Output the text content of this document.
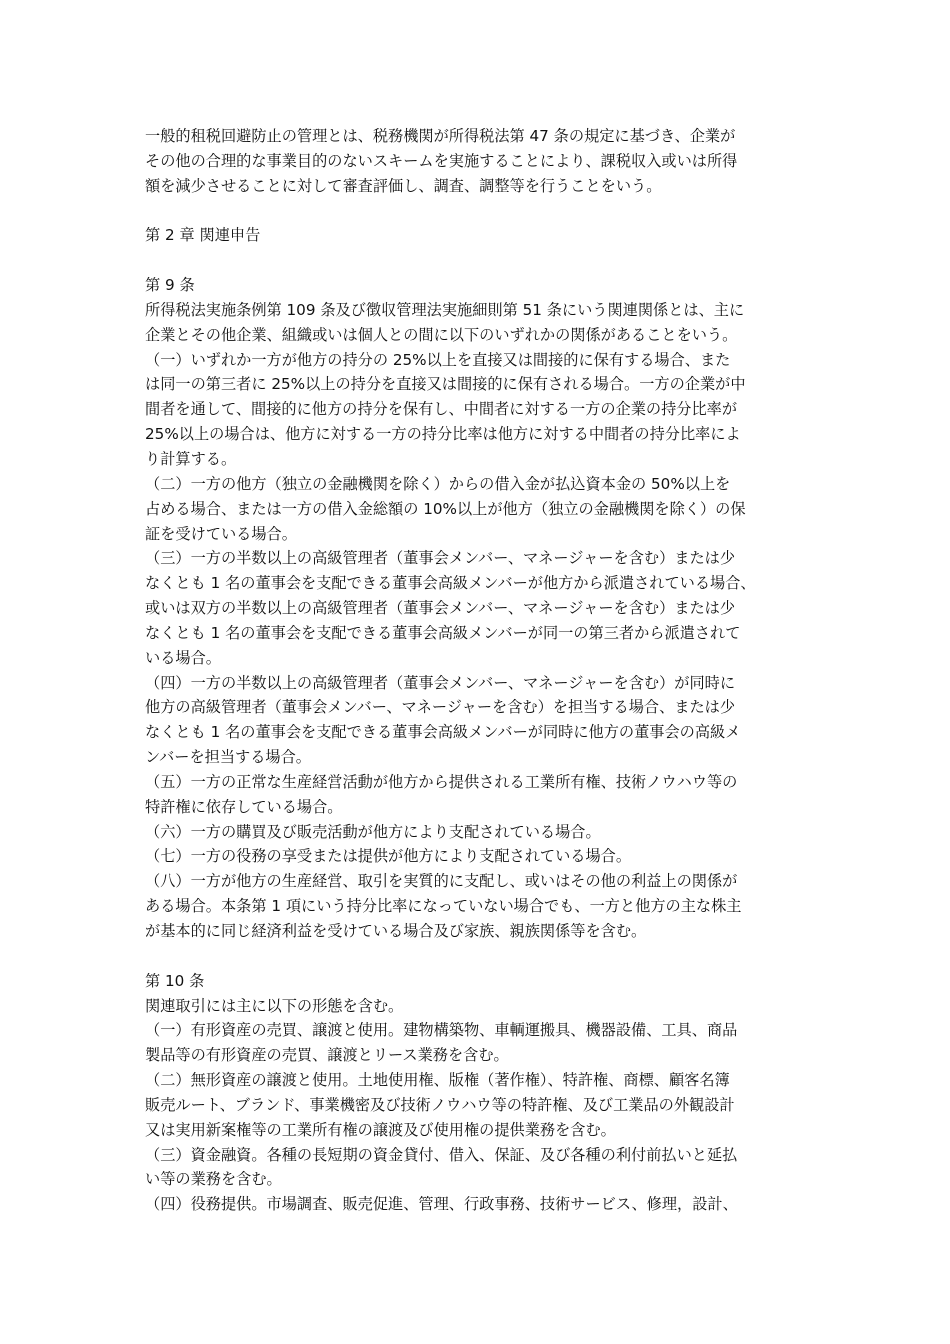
一般的租税回避防止の管理とは、税務機関が所得税法第 47 条の規定に基づき、企業が
その他の合理的な事業目的のないスキームを実施することにより、課税収入或いは所得
額を減少させることに対して審査評価し、調査、調整等を行うことをいう。

第 2 章 関連申告

第 9 条
所得税法実施条例第 109 条及び徴収管理法実施細則第 51 条にいう関連関係とは、主に
企業とその他企業、組織或いは個人との間に以下のいずれかの関係があることをいう。
（一）いずれか一方が他方の持分の 25%以上を直接又は間接的に保有する場合、また
は同一の第三者に 25%以上の持分を直接又は間接的に保有される場合。一方の企業が中
間者を通して、間接的に他方の持分を保有し、中間者に対する一方の企業の持分比率が
25%以上の場合は、他方に対する一方の持分比率は他方に対する中間者の持分比率によ
り計算する。
（二）一方の他方（独立の金融機関を除く）からの借入金が払込資本金の 50%以上を
占める場合、または一方の借入金総額の 10%以上が他方（独立の金融機関を除く）の保
証を受けている場合。
（三）一方の半数以上の高級管理者（董事会メンバー、マネージャーを含む）または少
なくとも 1 名の董事会を支配できる董事会高級メンバーが他方から派遣されている場合、
或いは双方の半数以上の高級管理者（董事会メンバー、マネージャーを含む）または少
なくとも 1 名の董事会を支配できる董事会高級メンバーが同一の第三者から派遣されて
いる場合。
（四）一方の半数以上の高級管理者（董事会メンバー、マネージャーを含む）が同時に
他方の高級管理者（董事会メンバー、マネージャーを含む）を担当する場合、または少
なくとも 1 名の董事会を支配できる董事会高級メンバーが同時に他方の董事会の高級メ
ンバーを担当する場合。
（五）一方の正常な生産経営活動が他方から提供される工業所有権、技術ノウハウ等の
特許権に依存している場合。
（六）一方の購買及び販売活動が他方により支配されている場合。
（七）一方の役務の享受または提供が他方により支配されている場合。
（八）一方が他方の生産経営、取引を実質的に支配し、或いはその他の利益上の関係が
ある場合。本条第 1 項にいう持分比率になっていない場合でも、一方と他方の主な株主
が基本的に同じ経済利益を受けている場合及び家族、親族関係等を含む。

第 10 条
関連取引には主に以下の形態を含む。
（一）有形資産の売買、譲渡と使用。建物構築物、車輌運搬具、機器設備、工具、商品
製品等の有形資産の売買、譲渡とリース業務を含む。
（二）無形資産の譲渡と使用。土地使用権、版権（著作権）、特許権、商標、顧客名簿
販売ルート、ブランド、事業機密及び技術ノウハウ等の特許権、及び工業品の外観設計
又は実用新案権等の工業所有権の譲渡及び使用権の提供業務を含む。
（三）資金融資。各種の長短期の資金貸付、借入、保証、及び各種の利付前払いと延払
い等の業務を含む。
（四）役務提供。市場調査、販売促進、管理、行政事務、技術サービス、修理，設計、
